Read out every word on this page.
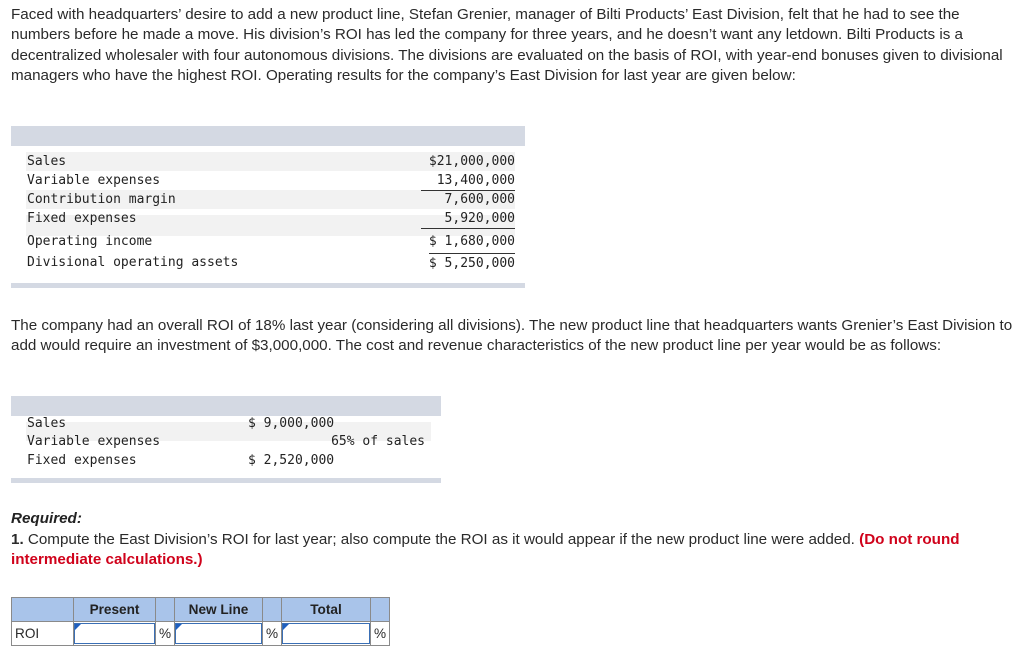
Faced with headquarters’ desire to add a new product line, Stefan Grenier, manager of Bilti Products’ East Division, felt that he had to see the numbers before he made a move. His division’s ROI has led the company for three years, and he doesn’t want any letdown. Bilti Products is a decentralized wholesaler with four autonomous divisions. The divisions are evaluated on the basis of ROI, with year-end bonuses given to divisional managers who have the highest ROI. Operating results for the company’s East Division for last year are given below:

Sales	$21,000,000
Variable expenses	13,400,000
Contribution margin	7,600,000
Fixed expenses	5,920,000
Operating income	$ 1,680,000
Divisional operating assets	$ 5,250,000

The company had an overall ROI of 18% last year (considering all divisions). The new product line that headquarters wants Grenier’s East Division to add would require an investment of $3,000,000. The cost and revenue characteristics of the new product line per year would be as follows:

Sales	$ 9,000,000
Variable expenses	65% of sales
Fixed expenses	$ 2,520,000
Required:
1. Compute the East Division’s ROI for last year; also compute the ROI as it would appear if the new product line were added. (Do not round intermediate calculations.)
	Present		New Line		Total	
ROI		%		%		%
